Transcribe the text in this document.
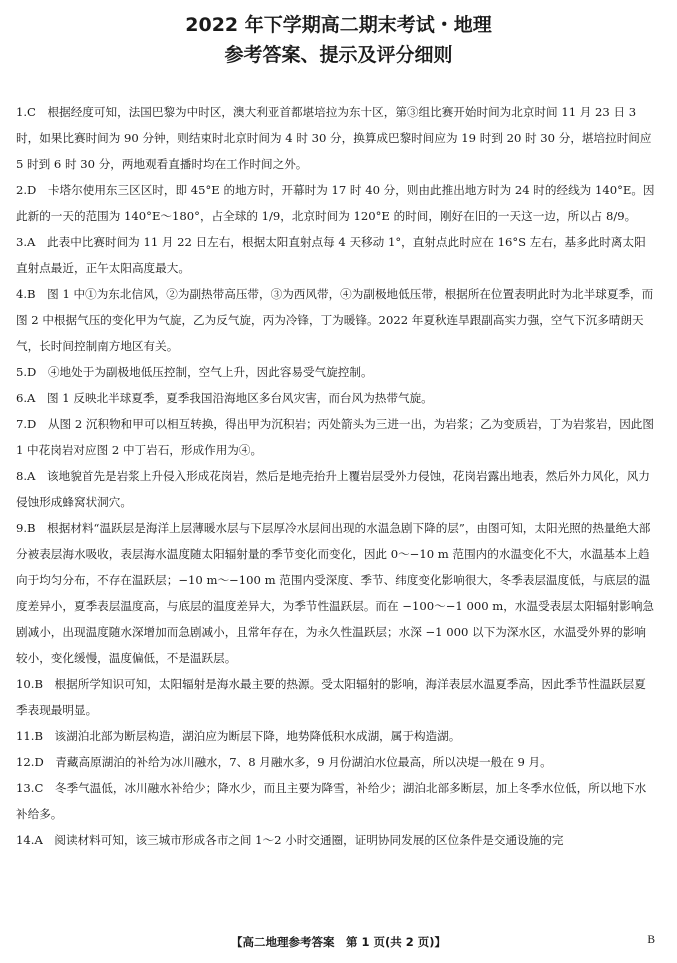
2022 年下学期高二期末考试・地理
参考答案、提示及评分细则

1.C　根据经度可知，法国巴黎为中时区，澳大利亚首都堪培拉为东十区，第③组比赛开始时间为北京时间 11 月 23 日 3 时，如果比赛时间为 90 分钟，则结束时北京时间为 4 时 30 分，换算成巴黎时间应为 19 时到 20 时 30 分，堪培拉时间应 5 时到 6 时 30 分，两地观看直播时均在工作时间之外。

2.D　卡塔尔使用东三区区时，即 45°E 的地方时，开幕时为 17 时 40 分，则由此推出地方时为 24 时的经线为 140°E。因此新的一天的范围为 140°E～180°，占全球的 1/9，北京时间为 120°E 的时间，刚好在旧的一天这一边，所以占 8/9。

3.A　此表中比赛时间为 11 月 22 日左右，根据太阳直射点每 4 天移动 1°，直射点此时应在 16°S 左右，基多此时离太阳直射点最近，正午太阳高度最大。

4.B　图 1 中①为东北信风，②为副热带高压带，③为西风带，④为副极地低压带，根据所在位置表明此时为北半球夏季，而图 2 中根据气压的变化甲为气旋，乙为反气旋，丙为冷锋，丁为暖锋。2022 年夏秋连旱跟副高实力强，空气下沉多晴朗天气，长时间控制南方地区有关。

5.D　④地处于为副极地低压控制，空气上升，因此容易受气旋控制。

6.A　图 1 反映北半球夏季，夏季我国沿海地区多台风灾害，而台风为热带气旋。

7.D　从图 2 沉积物和甲可以相互转换，得出甲为沉积岩；丙处箭头为三进一出，为岩浆；乙为变质岩，丁为岩浆岩，因此图 1 中花岗岩对应图 2 中丁岩石，形成作用为④。

8.A　该地貌首先是岩浆上升侵入形成花岗岩，然后是地壳抬升上覆岩层受外力侵蚀，花岗岩露出地表，然后外力风化，风力侵蚀形成蜂窝状洞穴。

9.B　根据材料“温跃层是海洋上层薄暖水层与下层厚冷水层间出现的水温急剧下降的层”，由图可知，太阳光照的热量绝大部分被表层海水吸收，表层海水温度随太阳辐射量的季节变化而变化，因此 0～−10 m 范围内的水温变化不大，水温基本上趋向于均匀分布，不存在温跃层；−10 m～−100 m 范围内受深度、季节、纬度变化影响很大，冬季表层温度低，与底层的温度差异小，夏季表层温度高，与底层的温度差异大，为季节性温跃层。而在 −100～−1 000 m，水温受表层太阳辐射影响急剧减小，出现温度随水深增加而急剧减小，且常年存在，为永久性温跃层；水深 −1 000 以下为深水区，水温受外界的影响较小，变化缓慢，温度偏低，不是温跃层。

10.B　根据所学知识可知，太阳辐射是海水最主要的热源。受太阳辐射的影响，海洋表层水温夏季高，因此季节性温跃层夏季表现最明显。

11.B　该湖泊北部为断层构造，湖泊应为断层下降，地势降低积水成湖，属于构造湖。

12.D　青藏高原湖泊的补给为冰川融水，7、8 月融水多，9 月份湖泊水位最高，所以决堤一般在 9 月。

13.C　冬季气温低，冰川融水补给少；降水少，而且主要为降雪，补给少；湖泊北部多断层，加上冬季水位低，所以地下水补给多。

14.A　阅读材料可知，该三城市形成各市之间 1～2 小时交通圈，证明协同发展的区位条件是交通设施的完

【高二地理参考答案　第 1 页(共 2 页)】	B
